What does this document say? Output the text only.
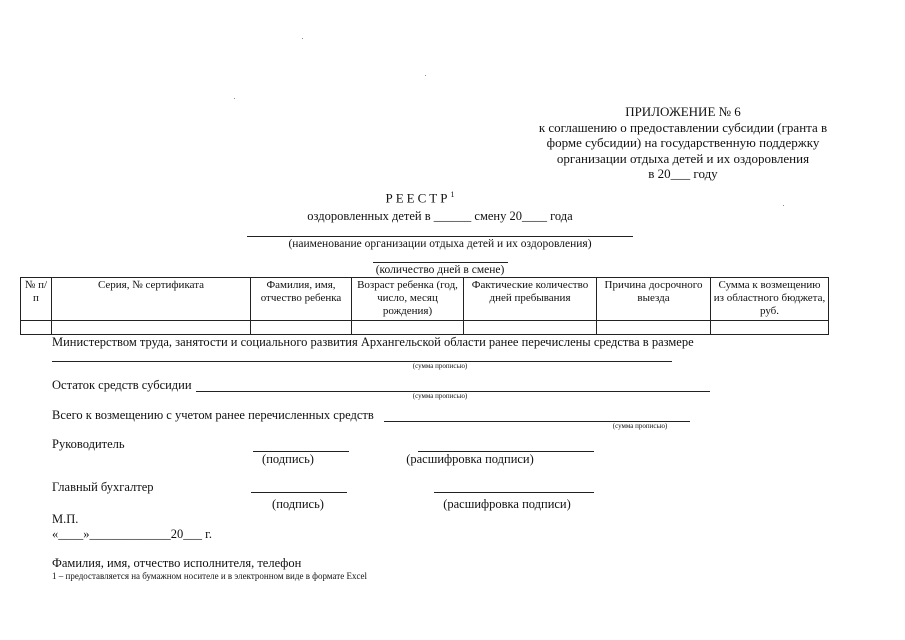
ПРИЛОЖЕНИЕ № 6
к соглашению о предоставлении субсидии (гранта в
форме субсидии) на государственную поддержку
организации отдыха детей и их оздоровления
в 20___ году
РЕЕСТР$^1$
оздоровленных детей в ______ смену 20____ года
(наименование организации отдыха детей и их оздоровления)
(количество дней в смене)
№ п/п	Серия, № сертификата	Фамилия, имя, отчество ребенка	Возраст ребенка (год, число, месяц рождения)	Фактические количество дней пребывания	Причина досрочного выезда	Сумма к возмещению из областного бюджета, руб.

Министерством труда, занятости и социального развития Архангельской области ранее перечислены средства в размере
(сумма прописью)
Остаток средств субсидии
(сумма прописью)
Всего к возмещению с учетом ранее перечисленных средств
(сумма прописью)
Руководитель
(подпись)	(расшифровка подписи)
Главный бухгалтер
(подпись)	(расшифровка подписи)
М.П.
«____»_____________20___ г.
Фамилия, имя, отчество исполнителя, телефон
1 – предоставляется на бумажном носителе и в электронном виде в формате Excel
